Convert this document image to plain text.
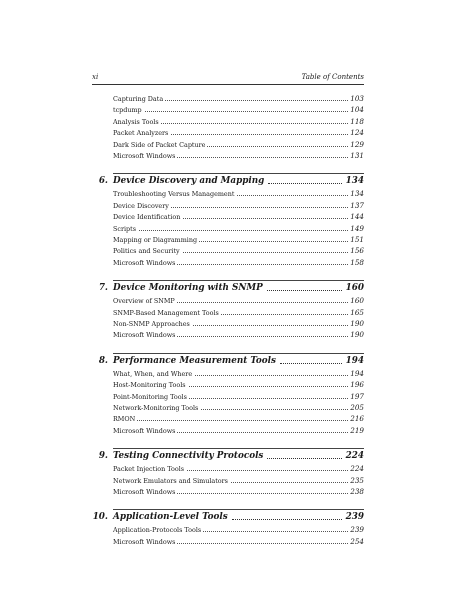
xi	Table of Contents
Capturing Data	103
tcpdump	104
Analysis Tools	118
Packet Analyzers	124
Dark Side of Packet Capture	129
Microsoft Windows	131
6. Device Discovery and Mapping	134
Troubleshooting Versus Management	134
Device Discovery	137
Device Identification	144
Scripts	149
Mapping or Diagramming	151
Politics and Security	156
Microsoft Windows	158
7. Device Monitoring with SNMP	160
Overview of SNMP	160
SNMP-Based Management Tools	165
Non-SNMP Approaches	190
Microsoft Windows	190
8. Performance Measurement Tools	194
What, When, and Where	194
Host-Monitoring Tools	196
Point-Monitoring Tools	197
Network-Monitoring Tools	205
RMON	216
Microsoft Windows	219
9. Testing Connectivity Protocols	224
Packet Injection Tools	224
Network Emulators and Simulators	235
Microsoft Windows	238
10. Application-Level Tools	239
Application-Protocols Tools	239
Microsoft Windows	254
